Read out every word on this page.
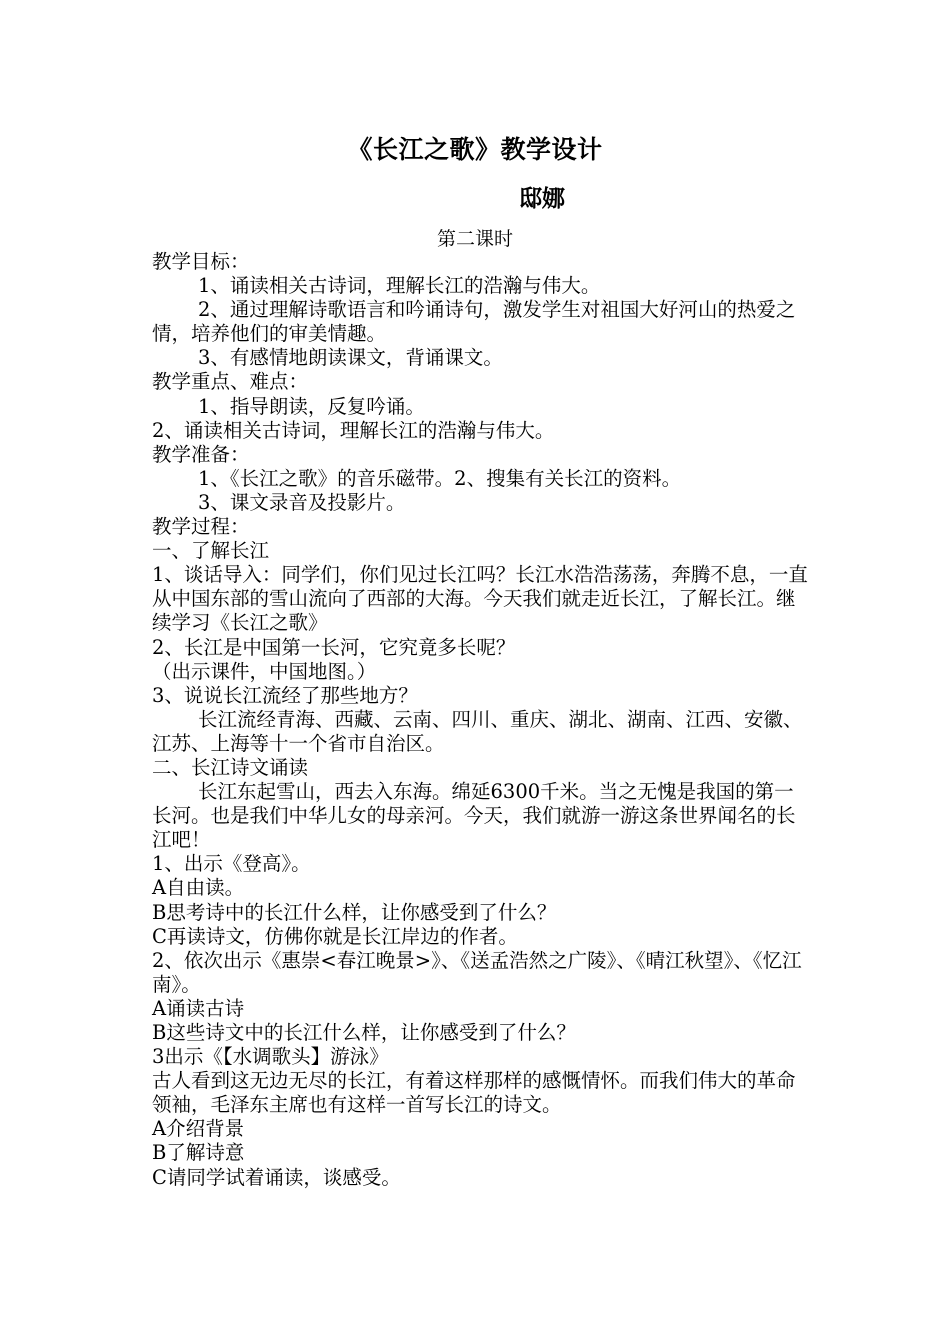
《长江之歌》教学设计
邸娜
第二课时

教学目标：

1、诵读相关古诗词，理解长江的浩瀚与伟大。

2、通过理解诗歌语言和吟诵诗句，激发学生对祖国大好河山的热爱之情，培养他们的审美情趣。

3、有感情地朗读课文，背诵课文。

教学重点、难点：

1、指导朗读，反复吟诵。

2、诵读相关古诗词，理解长江的浩瀚与伟大。

教学准备：

1、《长江之歌》的音乐磁带。2、搜集有关长江的资料。

3、课文录音及投影片。

教学过程：

一、了解长江

1、谈话导入：同学们，你们见过长江吗？长江水浩浩荡荡，奔腾不息，一直从中国东部的雪山流向了西部的大海。今天我们就走近长江，了解长江。继续学习《长江之歌》

2、长江是中国第一长河，它究竟多长呢？

（出示课件，中国地图。）

3、说说长江流经了那些地方？

长江流经青海、西藏、云南、四川、重庆、湖北、湖南、江西、安徽、江苏、上海等十一个省市自治区。

二、长江诗文诵读

长江东起雪山，西去入东海。绵延6300千米。当之无愧是我国的第一长河。也是我们中华儿女的母亲河。今天，我们就游一游这条世界闻名的长江吧！

1、出示《登高》。

A自由读。

B思考诗中的长江什么样，让你感受到了什么？

C再读诗文，仿佛你就是长江岸边的作者。

2、依次出示《惠崇<春江晚景>》、《送孟浩然之广陵》、《晴江秋望》、《忆江南》。

A诵读古诗

B这些诗文中的长江什么样，让你感受到了什么？

3出示《【水调歌头】游泳》

古人看到这无边无尽的长江，有着这样那样的感慨情怀。而我们伟大的革命领袖，毛泽东主席也有这样一首写长江的诗文。

A介绍背景

B了解诗意

C请同学试着诵读，谈感受。
